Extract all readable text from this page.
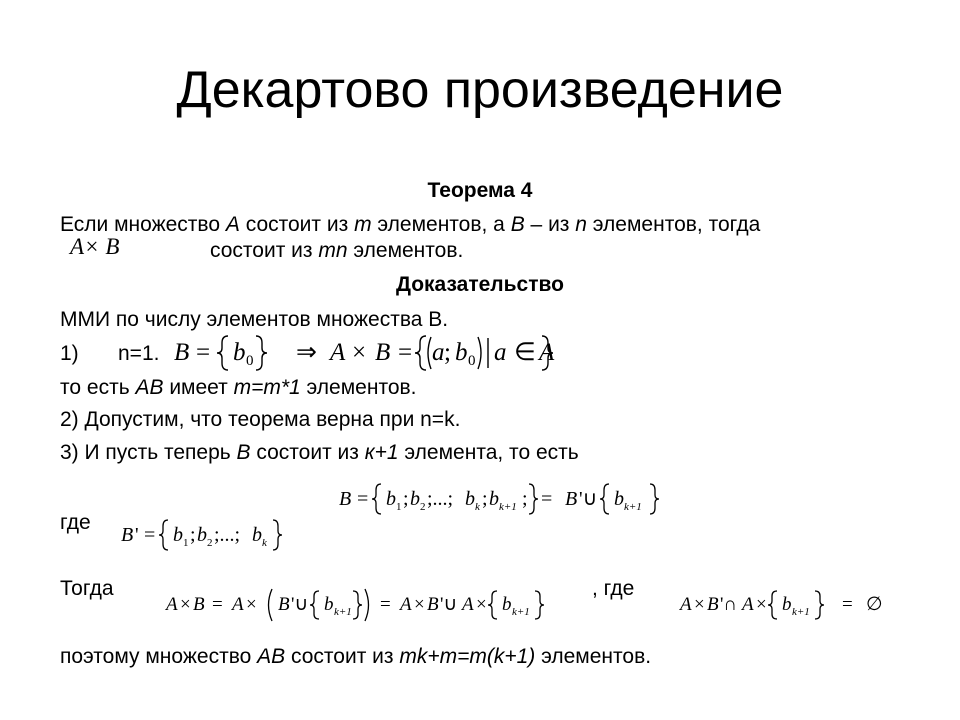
Декартово произведение
Теорема 4
Если множество A состоит из m элементов, а B – из n элементов, тогда
A× B	состоит из mn элементов.
Доказательство
ММИ по числу элементов множества В.
1) n=1. B	A B a b a A
= b ⇒ × = ;	∈
0	0
то есть AB имеет m=m*1 элементов.
2) Допустим, что теорема верна при n=k.
3) И пусть теперь B состоит из к+1 элемента, то есть
B = b ; b ;...; b ; b ; = B '∪ b
1 2	k k+1	k+1
где
B ' = b ; b ;...; b
1 2	k
Тогда
A × B = A × B '∪ b = A × B '∪ A × b
k+1	k+1
, где
A × B '∩ A × b	= ∅
k+1
поэтому множество AB состоит из mk+m=m(k+1) элементов.
